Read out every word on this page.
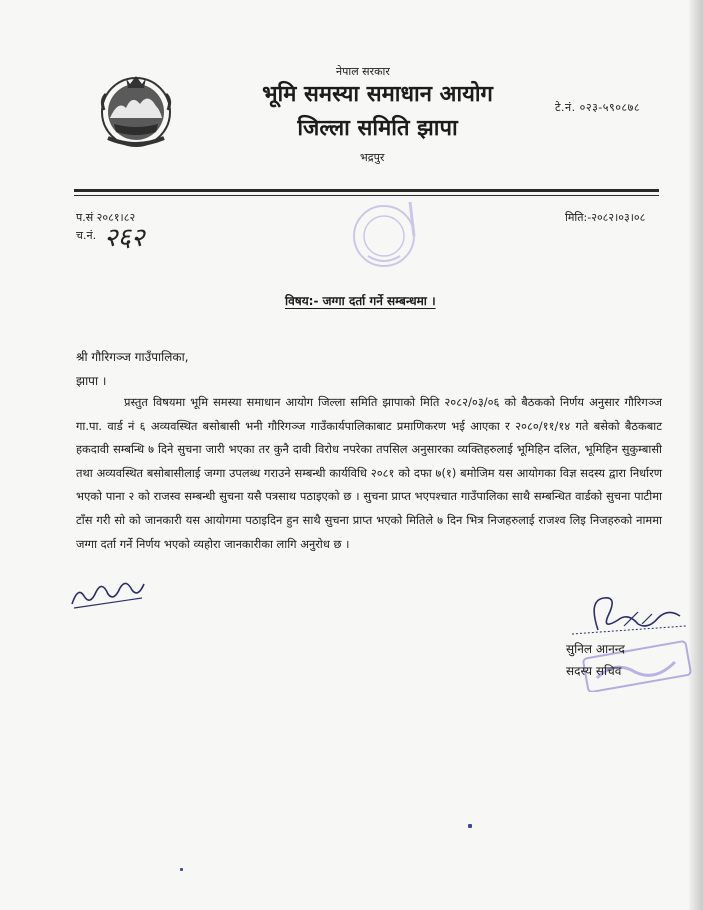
नेपाल सरकार
भूमि समस्या समाधान आयोग
जिल्ला समिति झापा
भद्रपुर
टे.नं. ०२३-५९०८७८
प.सं २०८१।८२
च.नं. २६२
मिति:-२०८२।०३।०८
विषय:- जग्गा दर्ता गर्ने सम्बन्धमा ।
श्री गौरिगञ्ज गाउँपालिका,
झापा ।
प्रस्तुत विषयमा भूमि समस्या समाधान आयोग जिल्ला समिति झापाको मिति २०८२/०३/०६ को बैठकको निर्णय अनुसार गौरिगञ्ज गा.पा. वार्ड नं ६ अव्यवस्थित बसोबासी भनी गौरिगञ्ज गाउँकार्यपालिकाबाट प्रमाणिकरण भई आएका र २०८०/११/१४ गते बसेको बैठकबाट हकदावी सम्बन्धि ७ दिने सुचना जारी भएका तर कुनै दावी विरोध नपरेका तपसिल अनुसारका व्यक्तिहरुलाई भूमिहिन दलित, भूमिहिन सुकुम्बासी तथा अव्यवस्थित बसोबासीलाई जग्गा उपलब्ध गराउने सम्बन्धी कार्यविधि २०८१ को दफा ७(१) बमोजिम यस आयोगका विज्ञ सदस्य द्वारा निर्धारण भएको पाना २ को राजस्व सम्बन्धी सुचना यसै पत्रसाथ पठाइएको छ । सुचना प्राप्त भएपश्चात गाउँपालिका साथै सम्बन्धित वार्डको सुचना पाटीमा टाँस गरी सो को जानकारी यस आयोगमा पठाइदिन हुन साथै सुचना प्राप्त भएको मितिले ७ दिन भित्र निजहरुलाई राजश्व लिइ निजहरुको नाममा जग्गा दर्ता गर्ने निर्णय भएको व्यहोरा जानकारीका लागि अनुरोध छ ।
सुनिल आनन्द
सदस्य सचिव
